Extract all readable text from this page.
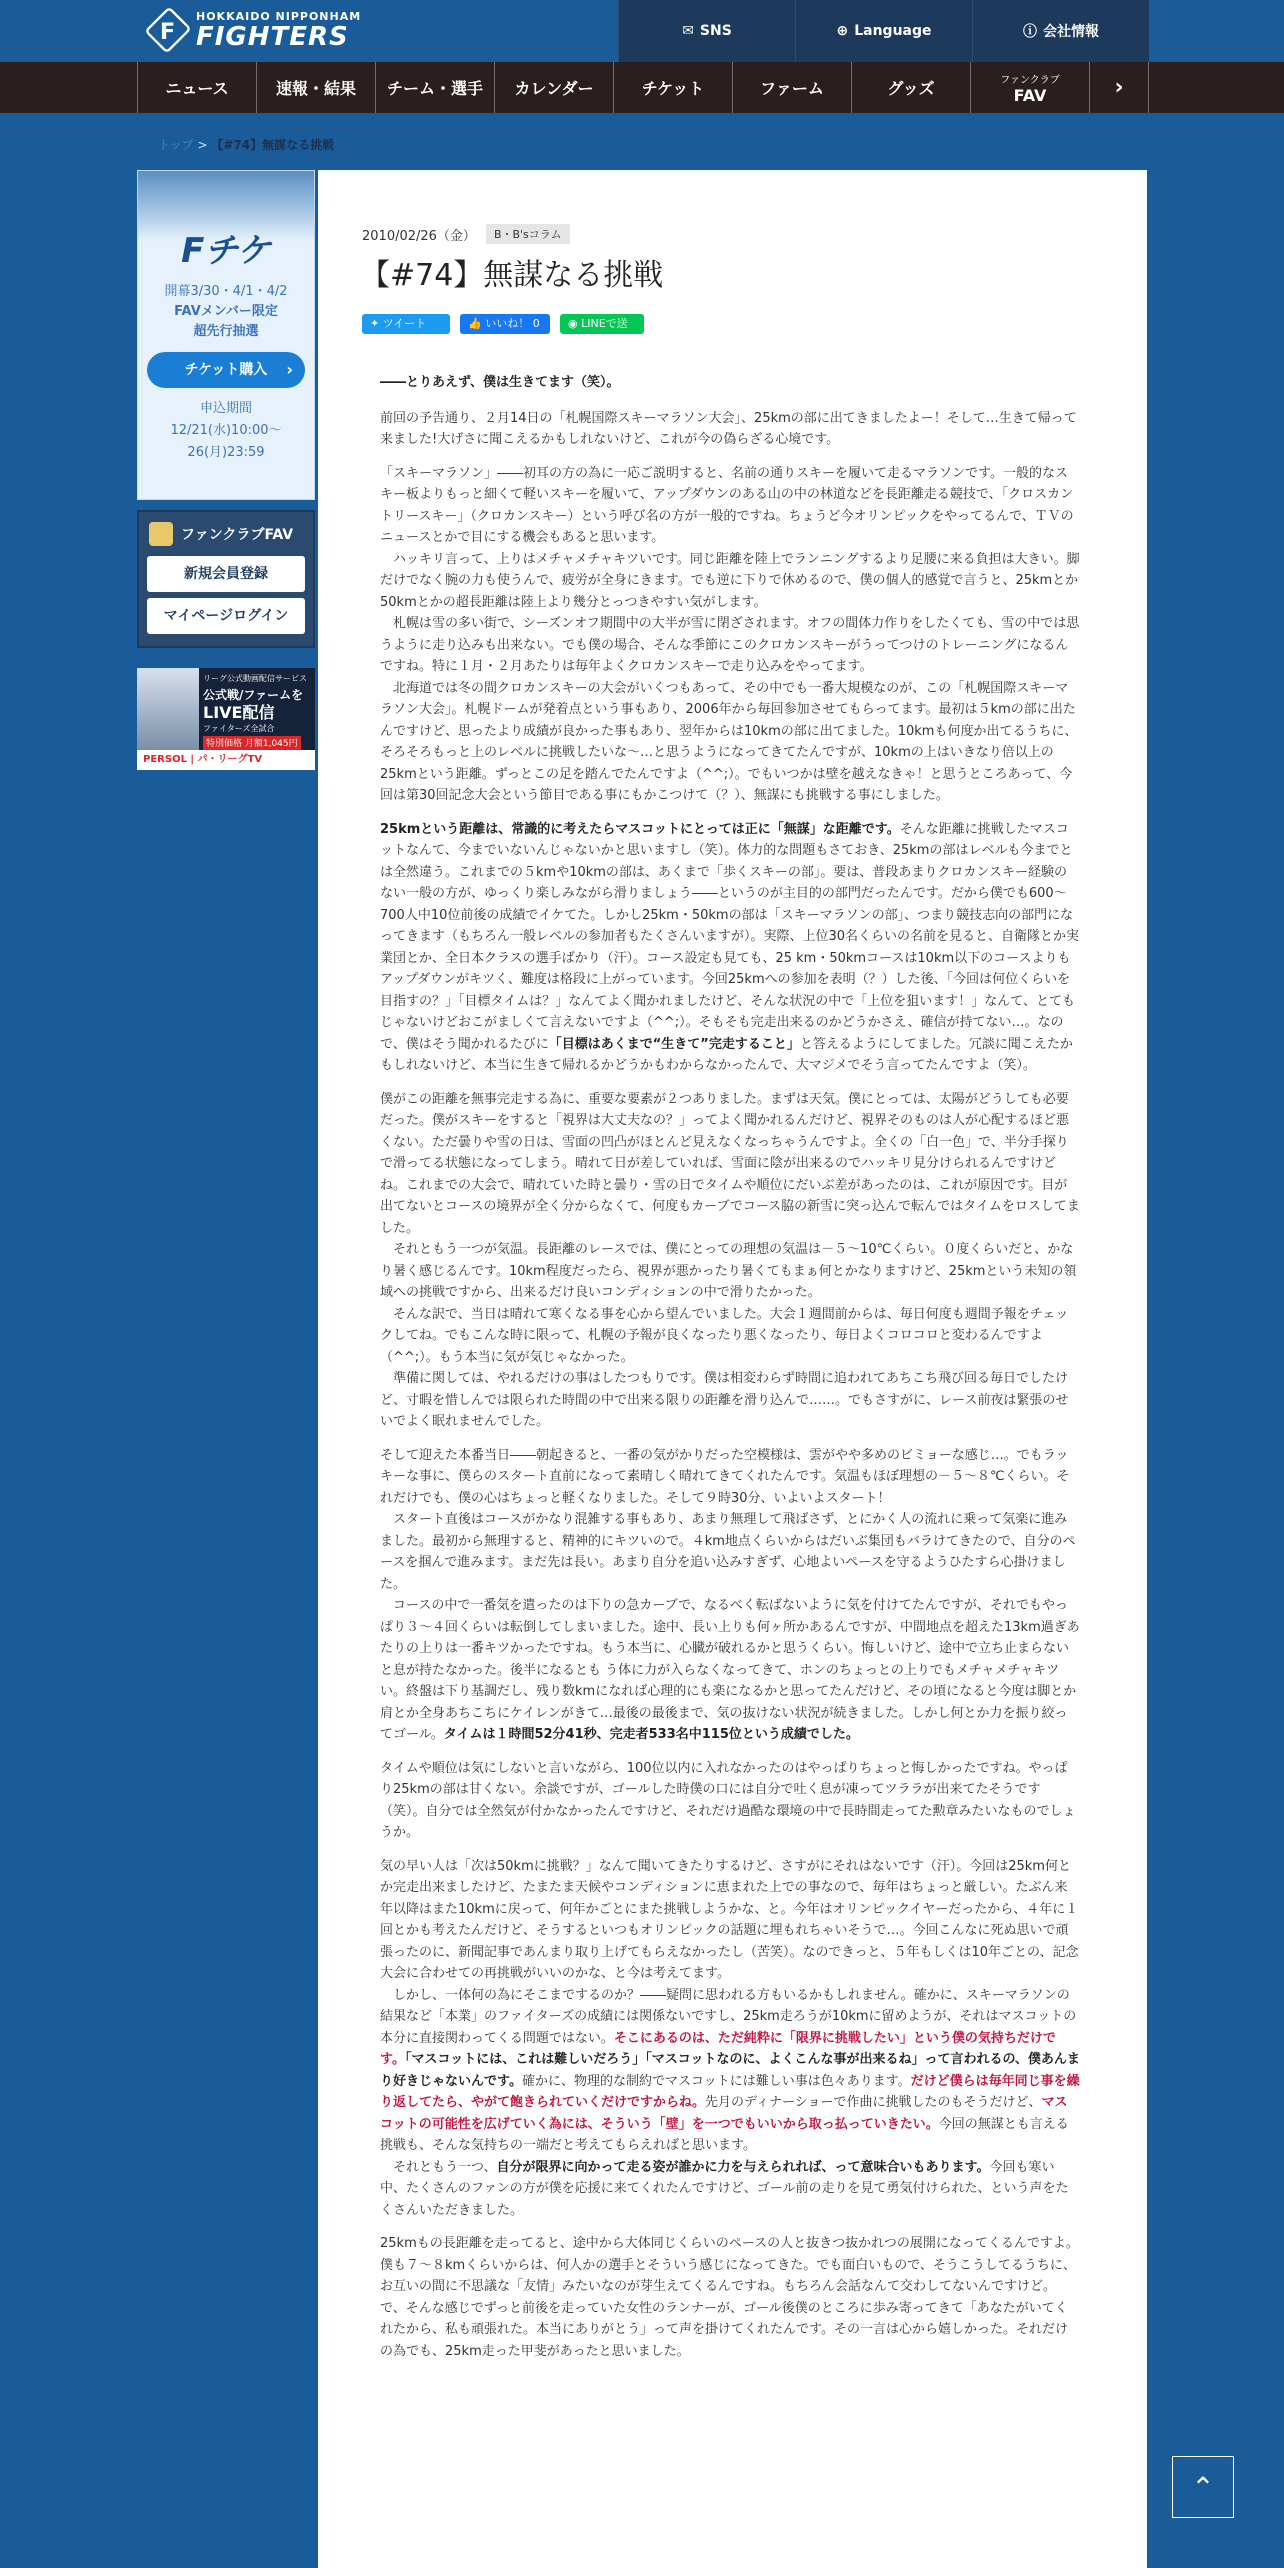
F
HOKKAIDO NIPPONHAM
FIGHTERS	✉ SNS	⊕ Language	ⓘ 会社情報
ニュース	速報・結果	チーム・選手	カレンダー	チケット	ファーム	グッズ	ファンクラブ
FAV	›
トップ > 【#74】無謀なる挑戦
Fチケ
開幕3/30・4/1・4/2
FAVメンバー限定
超先行抽選
チケット購入 ›
申込期間
12/21(水)10:00〜
26(月)23:59
ファンクラブFAV
新規会員登録
マイページログイン
リーグ公式動画配信サービス
公式戦/ファームを
LIVE配信
ファイターズ全試合
特別価格 月額1,045円
PERSOL | パ・リーグTV
2010/02/26（金）	B・B'sコラム
【#74】無謀なる挑戦
✦ ツイート	👍 いいね！ 0	◉ LINEで送る

――とりあえず、僕は生きてます（笑）。

前回の予告通り、２月14日の「札幌国際スキーマラソン大会」、25kmの部に出てきましたよー！そして…生きて帰って来ました!大げさに聞こえるかもしれないけど、これが今の偽らざる心境です。

「スキーマラソン」――初耳の方の為に一応ご説明すると、名前の通りスキーを履いて走るマラソンです。一般的なスキー板よりもっと細くて軽いスキーを履いて、アップダウンのある山の中の林道などを長距離走る競技で、「クロスカントリースキー」（クロカンスキー）という呼び名の方が一般的ですね。ちょうど今オリンピックをやってるんで、ＴＶのニュースとかで目にする機会もあると思います。
　ハッキリ言って、上りはメチャメチャキツいです。同じ距離を陸上でランニングするより足腰に来る負担は大きい。脚だけでなく腕の力も使うんで、疲労が全身にきます。でも逆に下りで休めるので、僕の個人的感覚で言うと、25kmとか50kmとかの超長距離は陸上より幾分とっつきやすい気がします。
　札幌は雪の多い街で、シーズンオフ期間中の大半が雪に閉ざされます。オフの間体力作りをしたくても、雪の中では思うように走り込みも出来ない。でも僕の場合、そんな季節にこのクロカンスキーがうってつけのトレーニングになるんですね。特に１月・２月あたりは毎年よくクロカンスキーで走り込みをやってます。
　北海道では冬の間クロカンスキーの大会がいくつもあって、その中でも一番大規模なのが、この「札幌国際スキーマラソン大会」。札幌ドームが発着点という事もあり、2006年から毎回参加させてもらってます。最初は５kmの部に出たんですけど、思ったより成績が良かった事もあり、翌年からは10kmの部に出てました。10kmも何度か出てるうちに、そろそろもっと上のレベルに挑戦したいな～…と思うようになってきてたんですが、10kmの上はいきなり倍以上の25kmという距離。ずっとこの足を踏んでたんですよ（^^;）。でもいつかは壁を越えなきゃ！と思うところあって、今回は第30回記念大会という節目である事にもかこつけて（？）、無謀にも挑戦する事にしました。

25kmという距離は、常識的に考えたらマスコットにとっては正に「無謀」な距離です。そんな距離に挑戦したマスコットなんて、今までいないんじゃないかと思いますし（笑）。体力的な問題もさておき、25kmの部はレベルも今までとは全然違う。これまでの５kmや10kmの部は、あくまで「歩くスキーの部」。要は、普段あまりクロカンスキー経験のない一般の方が、ゆっくり楽しみながら滑りましょう――というのが主目的の部門だったんです。だから僕でも600～700人中10位前後の成績でイケてた。しかし25km・50kmの部は「スキーマラソンの部」、つまり競技志向の部門になってきます（もちろん一般レベルの参加者もたくさんいますが）。実際、上位30名くらいの名前を見ると、自衛隊とか実業団とか、全日本クラスの選手ばかり（汗）。コース設定も見ても、25 km・50kmコースは10km以下のコースよりもアップダウンがキツく、難度は格段に上がっています。今回25kmへの参加を表明（？）した後、「今回は何位くらいを目指すの？」「目標タイムは？」なんてよく聞かれましたけど、そんな状況の中で「上位を狙います！」なんて、とてもじゃないけどおこがましくて言えないですよ（^^;）。そもそも完走出来るのかどうかさえ、確信が持てない…。なので、僕はそう聞かれるたびに「目標はあくまで“生きて”完走すること」と答えるようにしてました。冗談に聞こえたかもしれないけど、本当に生きて帰れるかどうかもわからなかったんで、大マジメでそう言ってたんですよ（笑）。

僕がこの距離を無事完走する為に、重要な要素が２つありました。まずは天気。僕にとっては、太陽がどうしても必要だった。僕がスキーをすると「視界は大丈夫なの？」ってよく聞かれるんだけど、視界そのものは人が心配するほど悪くない。ただ曇りや雪の日は、雪面の凹凸がほとんど見えなくなっちゃうんですよ。全くの「白一色」で、半分手探りで滑ってる状態になってしまう。晴れて日が差していれば、雪面に陰が出来るのでハッキリ見分けられるんですけどね。これまでの大会で、晴れていた時と曇り・雪の日でタイムや順位にだいぶ差があったのは、これが原因です。目が出てないとコースの境界が全く分からなくて、何度もカーブでコース脇の新雪に突っ込んで転んではタイムをロスしてました。
　それともう一つが気温。長距離のレースでは、僕にとっての理想の気温は－５～10℃くらい。０度くらいだと、かなり暑く感じるんです。10km程度だったら、視界が悪かったり暑くてもまぁ何とかなりますけど、25kmという未知の領域への挑戦ですから、出来るだけ良いコンディションの中で滑りたかった。
　そんな訳で、当日は晴れて寒くなる事を心から望んでいました。大会１週間前からは、毎日何度も週間予報をチェックしてね。でもこんな時に限って、札幌の予報が良くなったり悪くなったり、毎日よくコロコロと変わるんですよ（^^;）。もう本当に気が気じゃなかった。
　準備に関しては、やれるだけの事はしたつもりです。僕は相変わらず時間に追われてあちこち飛び回る毎日でしたけど、寸暇を惜しんでは限られた時間の中で出来る限りの距離を滑り込んで……。でもさすがに、レース前夜は緊張のせいでよく眠れませんでした。

そして迎えた本番当日――朝起きると、一番の気がかりだった空模様は、雲がやや多めのビミョーな感じ…。でもラッキーな事に、僕らのスタート直前になって素晴しく晴れてきてくれたんです。気温もほぼ理想の－５～８℃くらい。それだけでも、僕の心はちょっと軽くなりました。そして９時30分、いよいよスタート！
　スタート直後はコースがかなり混雑する事もあり、あまり無理して飛ばさず、とにかく人の流れに乗って気楽に進みました。最初から無理すると、精神的にキツいので。４km地点くらいからはだいぶ集団もバラけてきたので、自分のペースを掴んで進みます。まだ先は長い。あまり自分を追い込みすぎず、心地よいペースを守るようひたすら心掛けました。
　コースの中で一番気を遣ったのは下りの急カーブで、なるべく転ばないように気を付けてたんですが、それでもやっぱり３～４回くらいは転倒してしまいました。途中、長い上りも何ヶ所かあるんですが、中間地点を超えた13km過ぎあたりの上りは一番キツかったですね。もう本当に、心臓が破れるかと思うくらい。悔しいけど、途中で立ち止まらないと息が持たなかった。後半になるとも う体に力が入らなくなってきて、ホンのちょっとの上りでもメチャメチャキツい。終盤は下り基調だし、残り数kmになれば心理的にも楽になるかと思ってたんだけど、その頃になると今度は脚とか肩とか全身あちこちにケイレンがきて…最後の最後まで、気の抜けない状況が続きました。しかし何とか力を振り絞ってゴール。タイムは１時間52分41秒、完走者533名中115位という成績でした。

タイムや順位は気にしないと言いながら、100位以内に入れなかったのはやっぱりちょっと悔しかったですね。やっぱり25kmの部は甘くない。余談ですが、ゴールした時僕の口には自分で吐く息が凍ってツララが出来てたそうです（笑）。自分では全然気が付かなかったんですけど、それだけ過酷な環境の中で長時間走ってた勲章みたいなものでしょうか。

気の早い人は「次は50kmに挑戦？」なんて聞いてきたりするけど、さすがにそれはないです（汗）。今回は25km何とか完走出来ましたけど、たまたま天候やコンディションに恵まれた上での事なので、毎年はちょっと厳しい。たぶん来年以降はまた10kmに戻って、何年かごとにまた挑戦しようかな、と。今年はオリンピックイヤーだったから、４年に１回とかも考えたんだけど、そうするといつもオリンピックの話題に埋もれちゃいそうで…。今回こんなに死ぬ思いで頑張ったのに、新聞記事であんまり取り上げてもらえなかったし（苦笑）。なのできっと、５年もしくは10年ごとの、記念大会に合わせての再挑戦がいいのかな、と今は考えてます。
　しかし、一体何の為にそこまでするのか？――疑問に思われる方もいるかもしれません。確かに、スキーマラソンの結果など「本業」のファイターズの成績には関係ないですし、25km走ろうが10kmに留めようが、それはマスコットの本分に直接関わってくる問題ではない。そこにあるのは、ただ純粋に「限界に挑戦したい」という僕の気持ちだけです。「マスコットには、これは難しいだろう」「マスコットなのに、よくこんな事が出来るね」って言われるの、僕あんまり好きじゃないんです。確かに、物理的な制約でマスコットには難しい事は色々あります。だけど僕らは毎年同じ事を繰り返してたら、やがて飽きられていくだけですからね。先月のディナーショーで作曲に挑戦したのもそうだけど、マスコットの可能性を広げていく為には、そういう「壁」を一つでもいいから取っ払っていきたい。今回の無謀とも言える挑戦も、そんな気持ちの一端だと考えてもらえればと思います。
　それともう一つ、自分が限界に向かって走る姿が誰かに力を与えられれば、って意味合いもあります。今回も寒い中、たくさんのファンの方が僕を応援に来てくれたんですけど、ゴール前の走りを見て勇気付けられた、という声をたくさんいただきました。

25kmもの長距離を走ってると、途中から大体同じくらいのペースの人と抜きつ抜かれつの展開になってくるんですよ。僕も７～８kmくらいからは、何人かの選手とそういう感じになってきた。でも面白いもので、そうこうしてるうちに、お互いの間に不思議な「友情」みたいなのが芽生えてくるんですね。もちろん会話なんて交わしてないんですけど。で、そんな感じでずっと前後を走っていた女性のランナーが、ゴール後僕のところに歩み寄ってきて「あなたがいてくれたから、私も頑張れた。本当にありがとう」って声を掛けてくれたんです。その一言は心から嬉しかった。それだけの為でも、25km走った甲斐があったと思いました。

⌃
